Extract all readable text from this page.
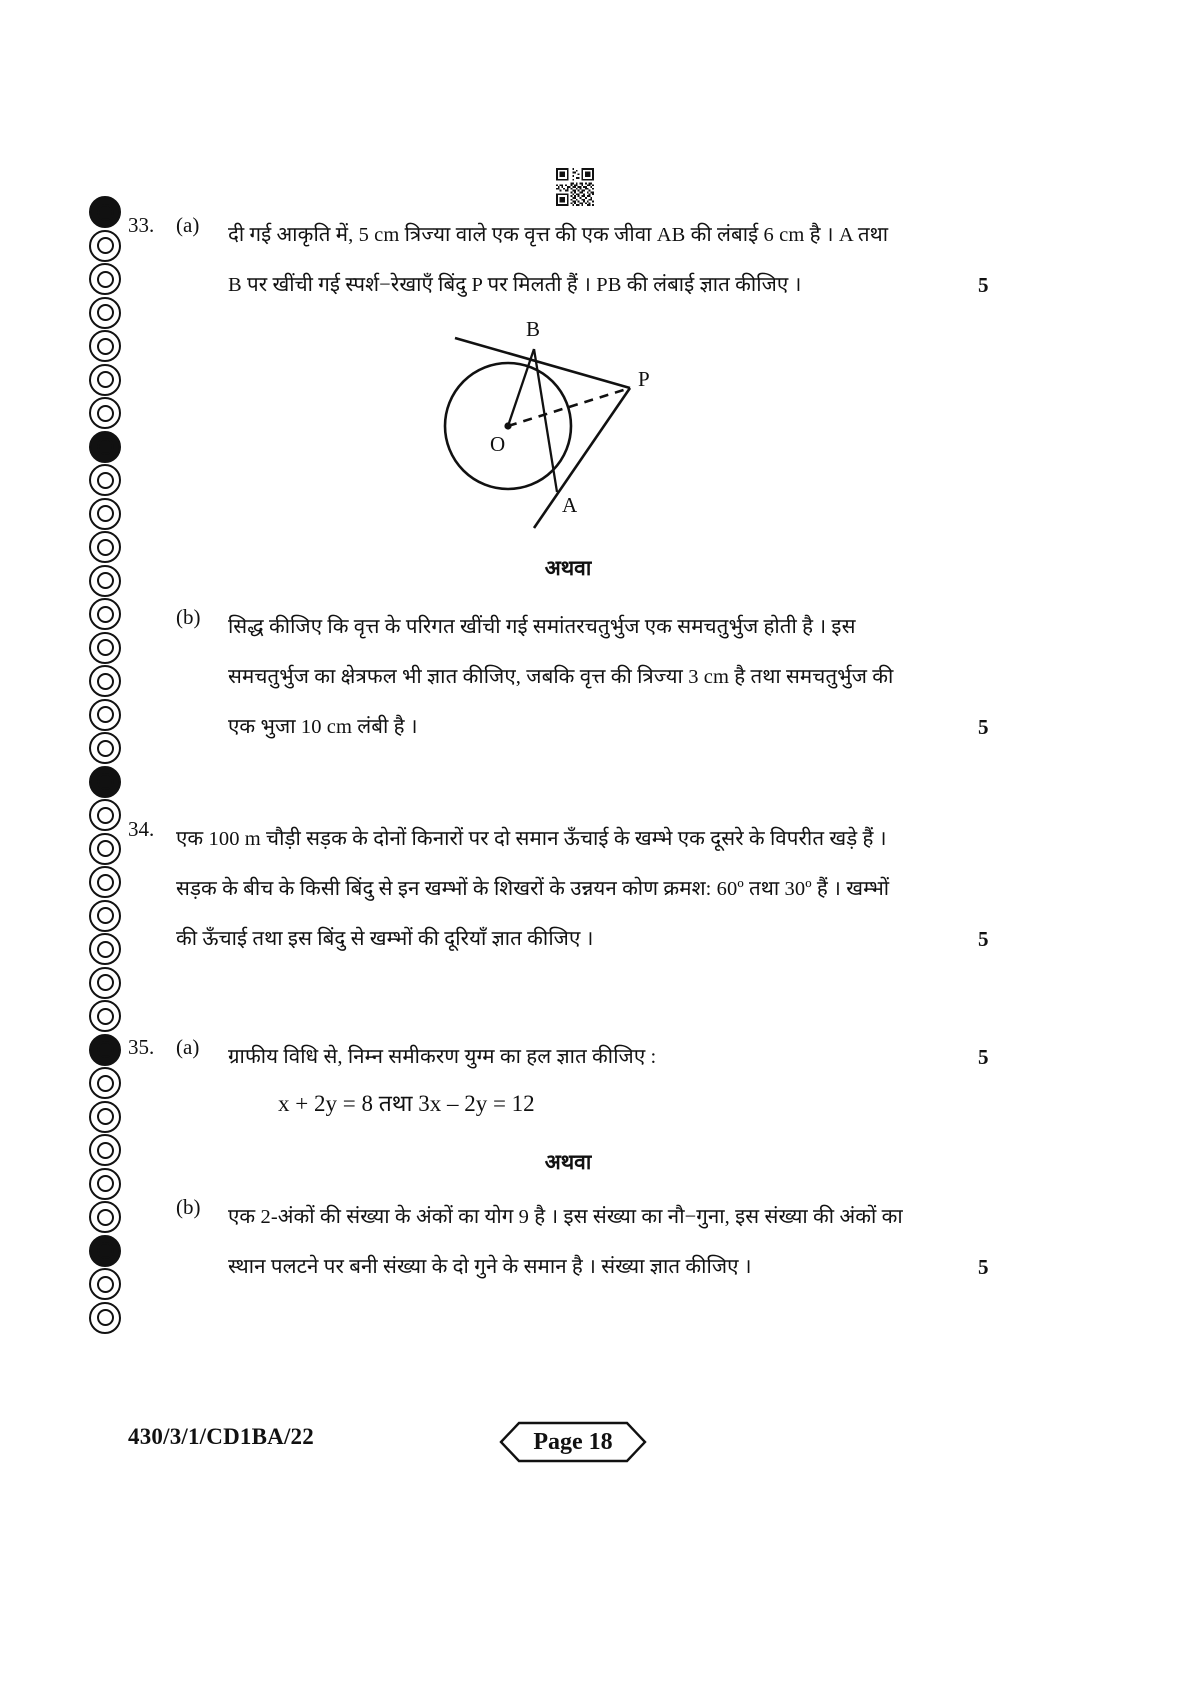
33.	(a)	दी गई आकृति में, 5 cm त्रिज्या वाले एक वृत्त की एक जीवा AB की लंबाई 6 cm है । A तथा
B पर खींची गई स्पर्श−रेखाएँ बिंदु P पर मिलती हैं । PB की लंबाई ज्ञात कीजिए ।	5
B
A
P
O
अथवा
(b)	सिद्ध कीजिए कि वृत्त के परिगत खींची गई समांतरचतुर्भुज एक समचतुर्भुज होती है । इस
समचतुर्भुज का क्षेत्रफल भी ज्ञात कीजिए, जबकि वृत्त की त्रिज्या 3 cm है तथा समचतुर्भुज की
एक भुजा 10 cm लंबी है ।	5
34.	एक 100 m चौड़ी सड़क के दोनों किनारों पर दो समान ऊँचाई के खम्भे एक दूसरे के विपरीत खड़े हैं ।
सड़क के बीच के किसी बिंदु से इन खम्भों के शिखरों के उन्नयन कोण क्रमश: 60º तथा 30º हैं । खम्भों
की ऊँचाई तथा इस बिंदु से खम्भों की दूरियाँ ज्ञात कीजिए ।	5
35.	(a)	ग्राफीय विधि से, निम्न समीकरण युग्म का हल ज्ञात कीजिए :	5
x + 2y = 8 तथा 3x – 2y = 12
अथवा
(b)	एक 2-अंकों की संख्या के अंकों का योग 9 है । इस संख्या का नौ−गुना, इस संख्या की अंकों का
स्थान पलटने पर बनी संख्या के दो गुने के समान है । संख्या ज्ञात कीजिए ।	5
430/3/1/CD1BA/22	Page 18
